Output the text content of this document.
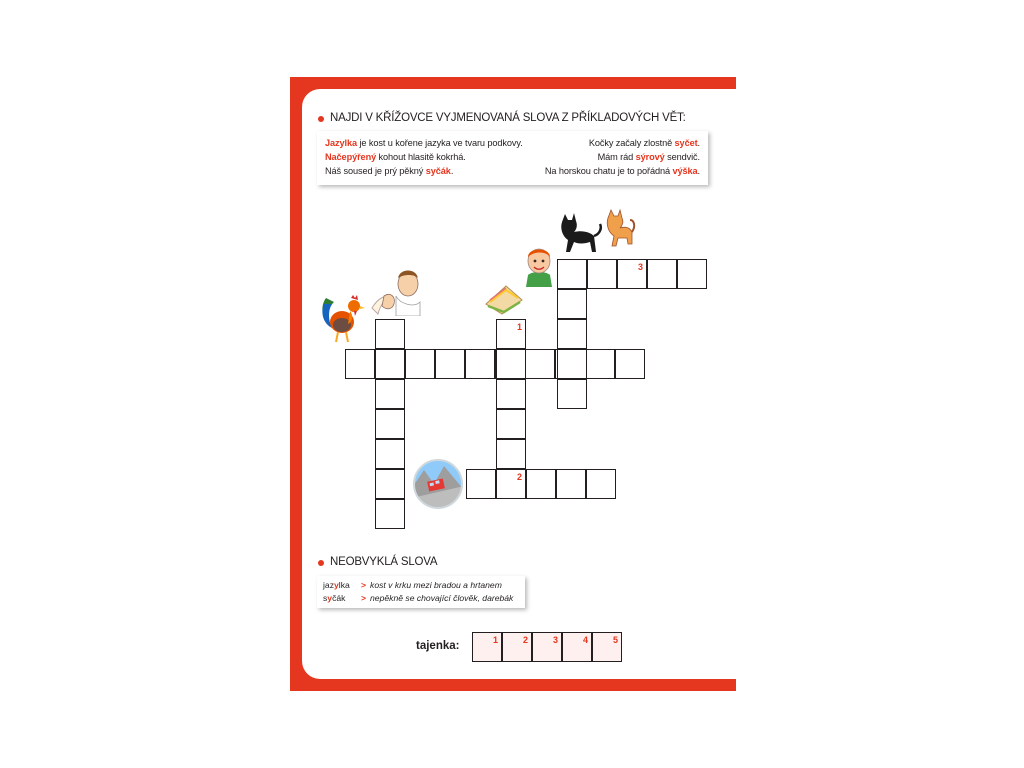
NAJDI V KŘÍŽOVCE VYJMENOVANÁ SLOVA Z PŘÍKLADOVÝCH VĚT:
Jazylka je kost u kořene jazyka ve tvaru podkovy.
Načepýřený kohout hlasitě kokrhá.
Náš soused je prý pěkný syčák.
Kočky začaly zlostně syčet.
Mám rád sýrový sendvič.
Na horskou chatu je to pořádná výška.
1
2
3
NEOBVYKLÁ SLOVA
jazylka > kost v krku mezi bradou a hrtanem
syčák > nepěkně se chovající člověk, darebák
tajenka:	1	2	3	4	5
